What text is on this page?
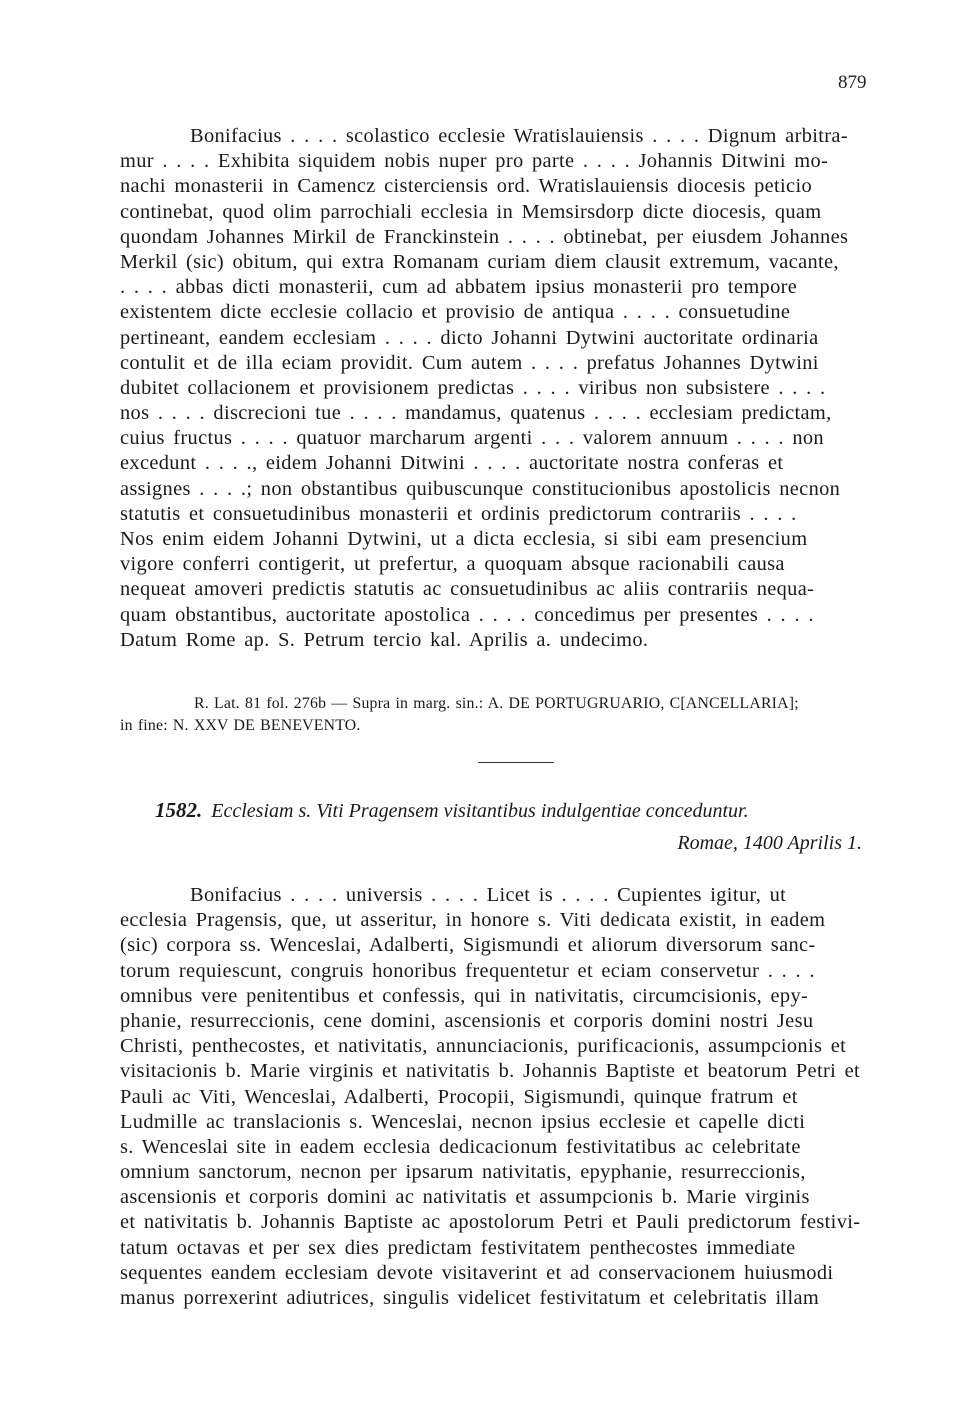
879
Bonifacius . . . . scolastico ecclesie Wratislauiensis . . . . Dignum arbitra-
mur . . . . Exhibita siquidem nobis nuper pro parte . . . . Johannis Ditwini mo-
nachi monasterii in Camencz cisterciensis ord. Wratislauiensis diocesis peticio
continebat, quod olim parrochiali ecclesia in Memsirsdorp dicte diocesis, quam
quondam Johannes Mirkil de Franckinstein . . . . obtinebat, per eiusdem Johannes
Merkil (sic) obitum, qui extra Romanam curiam diem clausit extremum, vacante,
. . . . abbas dicti monasterii, cum ad abbatem ipsius monasterii pro tempore
existentem dicte ecclesie collacio et provisio de antiqua . . . . consuetudine
pertineant, eandem ecclesiam . . . . dicto Johanni Dytwini auctoritate ordinaria
contulit et de illa eciam providit. Cum autem . . . . prefatus Johannes Dytwini
dubitet collacionem et provisionem predictas . . . . viribus non subsistere . . . .
nos . . . . discrecioni tue . . . . mandamus, quatenus . . . . ecclesiam predictam,
cuius fructus . . . . quatuor marcharum argenti . . . valorem annuum . . . . non
excedunt . . . ., eidem Johanni Ditwini . . . . auctoritate nostra conferas et
assignes . . . .; non obstantibus quibuscunque constitucionibus apostolicis necnon
statutis et consuetudinibus monasterii et ordinis predictorum contrariis . . . .
Nos enim eidem Johanni Dytwini, ut a dicta ecclesia, si sibi eam presencium
vigore conferri contigerit, ut prefertur, a quoquam absque racionabili causa
nequeat amoveri predictis statutis ac consuetudinibus ac aliis contrariis nequa-
quam obstantibus, auctoritate apostolica . . . . concedimus per presentes . . . .
Datum Rome ap. S. Petrum tercio kal. Aprilis a. undecimo.
R. Lat. 81 fol. 276b — Supra in marg. sin.: A. DE PORTUGRUARIO, C[ANCELLARIA];
in fine: N. XXV DE BENEVENTO.
1582. Ecclesiam s. Viti Pragensem visitantibus indulgentiae conceduntur.
Romae, 1400 Aprilis 1.
Bonifacius . . . . universis . . . . Licet is . . . . Cupientes igitur, ut
ecclesia Pragensis, que, ut asseritur, in honore s. Viti dedicata existit, in eadem
(sic) corpora ss. Wenceslai, Adalberti, Sigismundi et aliorum diversorum sanc-
torum requiescunt, congruis honoribus frequentetur et eciam conservetur . . . .
omnibus vere penitentibus et confessis, qui in nativitatis, circumcisionis, epy-
phanie, resurreccionis, cene domini, ascensionis et corporis domini nostri Jesu
Christi, penthecostes, et nativitatis, annunciacionis, purificacionis, assumpcionis et
visitacionis b. Marie virginis et nativitatis b. Johannis Baptiste et beatorum Petri et
Pauli ac Viti, Wenceslai, Adalberti, Procopii, Sigismundi, quinque fratrum et
Ludmille ac translacionis s. Wenceslai, necnon ipsius ecclesie et capelle dicti
s. Wenceslai site in eadem ecclesia dedicacionum festivitatibus ac celebritate
omnium sanctorum, necnon per ipsarum nativitatis, epyphanie, resurreccionis,
ascensionis et corporis domini ac nativitatis et assumpcionis b. Marie virginis
et nativitatis b. Johannis Baptiste ac apostolorum Petri et Pauli predictorum festivi-
tatum octavas et per sex dies predictam festivitatem penthecostes immediate
sequentes eandem ecclesiam devote visitaverint et ad conservacionem huiusmodi
manus porrexerint adiutrices, singulis videlicet festivitatum et celebritatis illam
